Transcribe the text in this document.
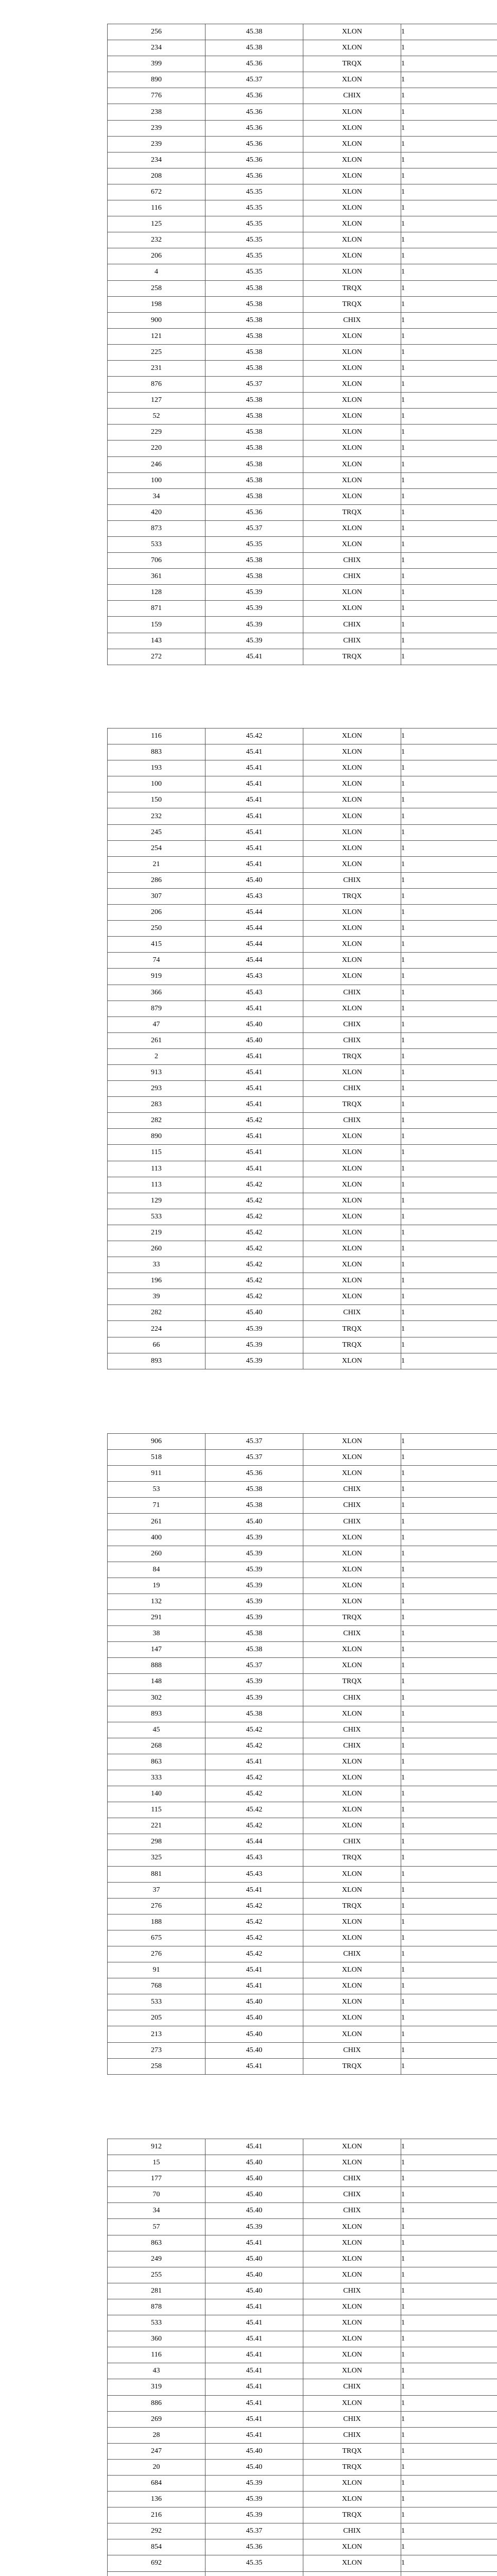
256	45.38	XLON	1
234	45.38	XLON	1
399	45.36	TRQX	1
890	45.37	XLON	1
776	45.36	CHIX	1
238	45.36	XLON	1
239	45.36	XLON	1
239	45.36	XLON	1
234	45.36	XLON	1
208	45.36	XLON	1
672	45.35	XLON	1
116	45.35	XLON	1
125	45.35	XLON	1
232	45.35	XLON	1
206	45.35	XLON	1
4	45.35	XLON	1
258	45.38	TRQX	1
198	45.38	TRQX	1
900	45.38	CHIX	1
121	45.38	XLON	1
225	45.38	XLON	1
231	45.38	XLON	1
876	45.37	XLON	1
127	45.38	XLON	1
52	45.38	XLON	1
229	45.38	XLON	1
220	45.38	XLON	1
246	45.38	XLON	1
100	45.38	XLON	1
34	45.38	XLON	1
420	45.36	TRQX	1
873	45.37	XLON	1
533	45.35	XLON	1
706	45.38	CHIX	1
361	45.38	CHIX	1
128	45.39	XLON	1
871	45.39	XLON	1
159	45.39	CHIX	1
143	45.39	CHIX	1
272	45.41	TRQX	1
116	45.42	XLON	1
883	45.41	XLON	1
193	45.41	XLON	1
100	45.41	XLON	1
150	45.41	XLON	1
232	45.41	XLON	1
245	45.41	XLON	1
254	45.41	XLON	1
21	45.41	XLON	1
286	45.40	CHIX	1
307	45.43	TRQX	1
206	45.44	XLON	1
250	45.44	XLON	1
415	45.44	XLON	1
74	45.44	XLON	1
919	45.43	XLON	1
366	45.43	CHIX	1
879	45.41	XLON	1
47	45.40	CHIX	1
261	45.40	CHIX	1
2	45.41	TRQX	1
913	45.41	XLON	1
293	45.41	CHIX	1
283	45.41	TRQX	1
282	45.42	CHIX	1
890	45.41	XLON	1
115	45.41	XLON	1
113	45.41	XLON	1
113	45.42	XLON	1
129	45.42	XLON	1
533	45.42	XLON	1
219	45.42	XLON	1
260	45.42	XLON	1
33	45.42	XLON	1
196	45.42	XLON	1
39	45.42	XLON	1
282	45.40	CHIX	1
224	45.39	TRQX	1
66	45.39	TRQX	1
893	45.39	XLON	1
906	45.37	XLON	1
518	45.37	XLON	1
911	45.36	XLON	1
53	45.38	CHIX	1
71	45.38	CHIX	1
261	45.40	CHIX	1
400	45.39	XLON	1
260	45.39	XLON	1
84	45.39	XLON	1
19	45.39	XLON	1
132	45.39	XLON	1
291	45.39	TRQX	1
38	45.38	CHIX	1
147	45.38	XLON	1
888	45.37	XLON	1
148	45.39	TRQX	1
302	45.39	CHIX	1
893	45.38	XLON	1
45	45.42	CHIX	1
268	45.42	CHIX	1
863	45.41	XLON	1
333	45.42	XLON	1
140	45.42	XLON	1
115	45.42	XLON	1
221	45.42	XLON	1
298	45.44	CHIX	1
325	45.43	TRQX	1
881	45.43	XLON	1
37	45.41	XLON	1
276	45.42	TRQX	1
188	45.42	XLON	1
675	45.42	XLON	1
276	45.42	CHIX	1
91	45.41	XLON	1
768	45.41	XLON	1
533	45.40	XLON	1
205	45.40	XLON	1
213	45.40	XLON	1
273	45.40	CHIX	1
258	45.41	TRQX	1
912	45.41	XLON	1
15	45.40	XLON	1
177	45.40	CHIX	1
70	45.40	CHIX	1
34	45.40	CHIX	1
57	45.39	XLON	1
863	45.41	XLON	1
249	45.40	XLON	1
255	45.40	XLON	1
281	45.40	CHIX	1
878	45.41	XLON	1
533	45.41	XLON	1
360	45.41	XLON	1
116	45.41	XLON	1
43	45.41	XLON	1
319	45.41	CHIX	1
886	45.41	XLON	1
269	45.41	CHIX	1
28	45.41	CHIX	1
247	45.40	TRQX	1
20	45.40	TRQX	1
684	45.39	XLON	1
136	45.39	XLON	1
216	45.39	TRQX	1
292	45.37	CHIX	1
854	45.36	XLON	1
692	45.35	XLON	1
